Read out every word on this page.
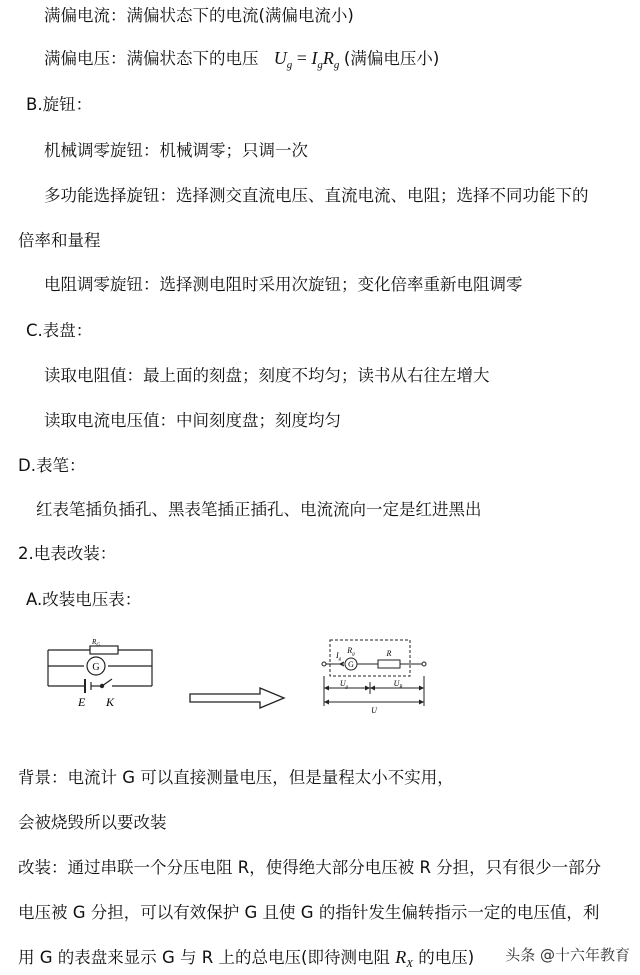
满偏电流：满偏状态下的电流(满偏电流小)
满偏电压：满偏状态下的电压 $U_g = I_gR_g$ (满偏电压小)
B.旋钮：
机械调零旋钮：机械调零；只调一次
多功能选择旋钮：选择测交直流电压、直流电流、电阻；选择不同功能下的
倍率和量程
电阻调零旋钮：选择测电阻时采用次旋钮；变化倍率重新电阻调零
C.表盘：
读取电阻值：最上面的刻盘；刻度不均匀；读书从右往左增大
读取电流电压值：中间刻度盘；刻度均匀
D.表笔：
红表笔插负插孔、黑表笔插正插孔、电流流向一定是红进黑出
2.电表改装：
A.改装电压表：
$R_G$
G
E K
$I_g$
$R_g$
G
R
$U_g$	$U_R$
U
背景：电流计 G 可以直接测量电压，但是量程太小不实用，
会被烧毁所以要改装
改装：通过串联一个分压电阻 R，使得绝大部分电压被 R 分担，只有很少一部分
电压被 G 分担，可以有效保护 G 且使 G 的指针发生偏转指示一定的电压值，利
用 G 的表盘来显示 G 与 R 上的总电压(即待测电阻 $R_X$ 的电压) 头条 @十六年教育
